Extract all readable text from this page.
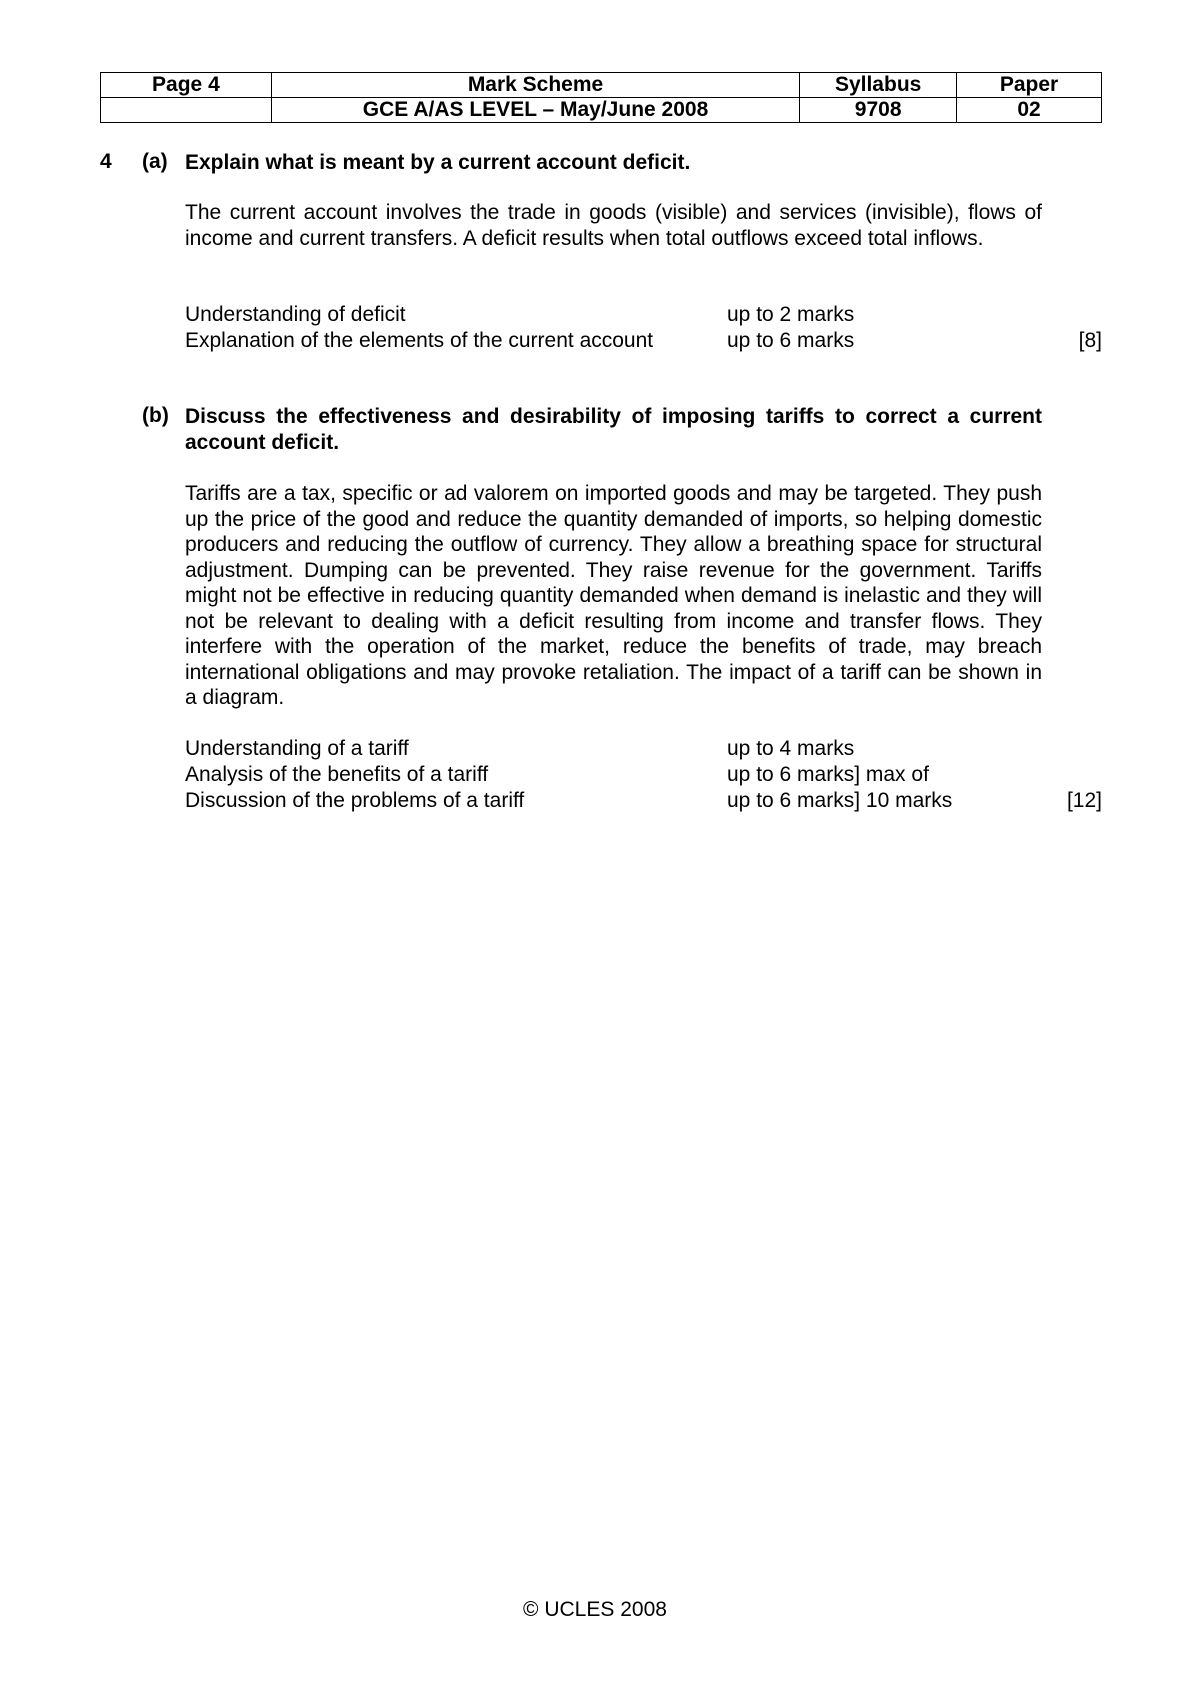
Page 4	Mark Scheme	Syllabus	Paper
	GCE A/AS LEVEL – May/June 2008	9708	02
4 (a) Explain what is meant by a current account deficit.
The current account involves the trade in goods (visible) and services (invisible), flows of income and current transfers. A deficit results when total outflows exceed total inflows.
Understanding of deficit	up to 2 marks
Explanation of the elements of the current account	up to 6 marks	[8]
(b) Discuss the effectiveness and desirability of imposing tariffs to correct a current account deficit.
Tariffs are a tax, specific or ad valorem on imported goods and may be targeted. They push up the price of the good and reduce the quantity demanded of imports, so helping domestic producers and reducing the outflow of currency. They allow a breathing space for structural adjustment. Dumping can be prevented. They raise revenue for the government. Tariffs might not be effective in reducing quantity demanded when demand is inelastic and they will not be relevant to dealing with a deficit resulting from income and transfer flows. They interfere with the operation of the market, reduce the benefits of trade, may breach international obligations and may provoke retaliation. The impact of a tariff can be shown in a diagram.
Understanding of a tariff	up to 4 marks
Analysis of the benefits of a tariff	up to 6 marks] max of
Discussion of the problems of a tariff	up to 6 marks] 10 marks	[12]
© UCLES 2008
